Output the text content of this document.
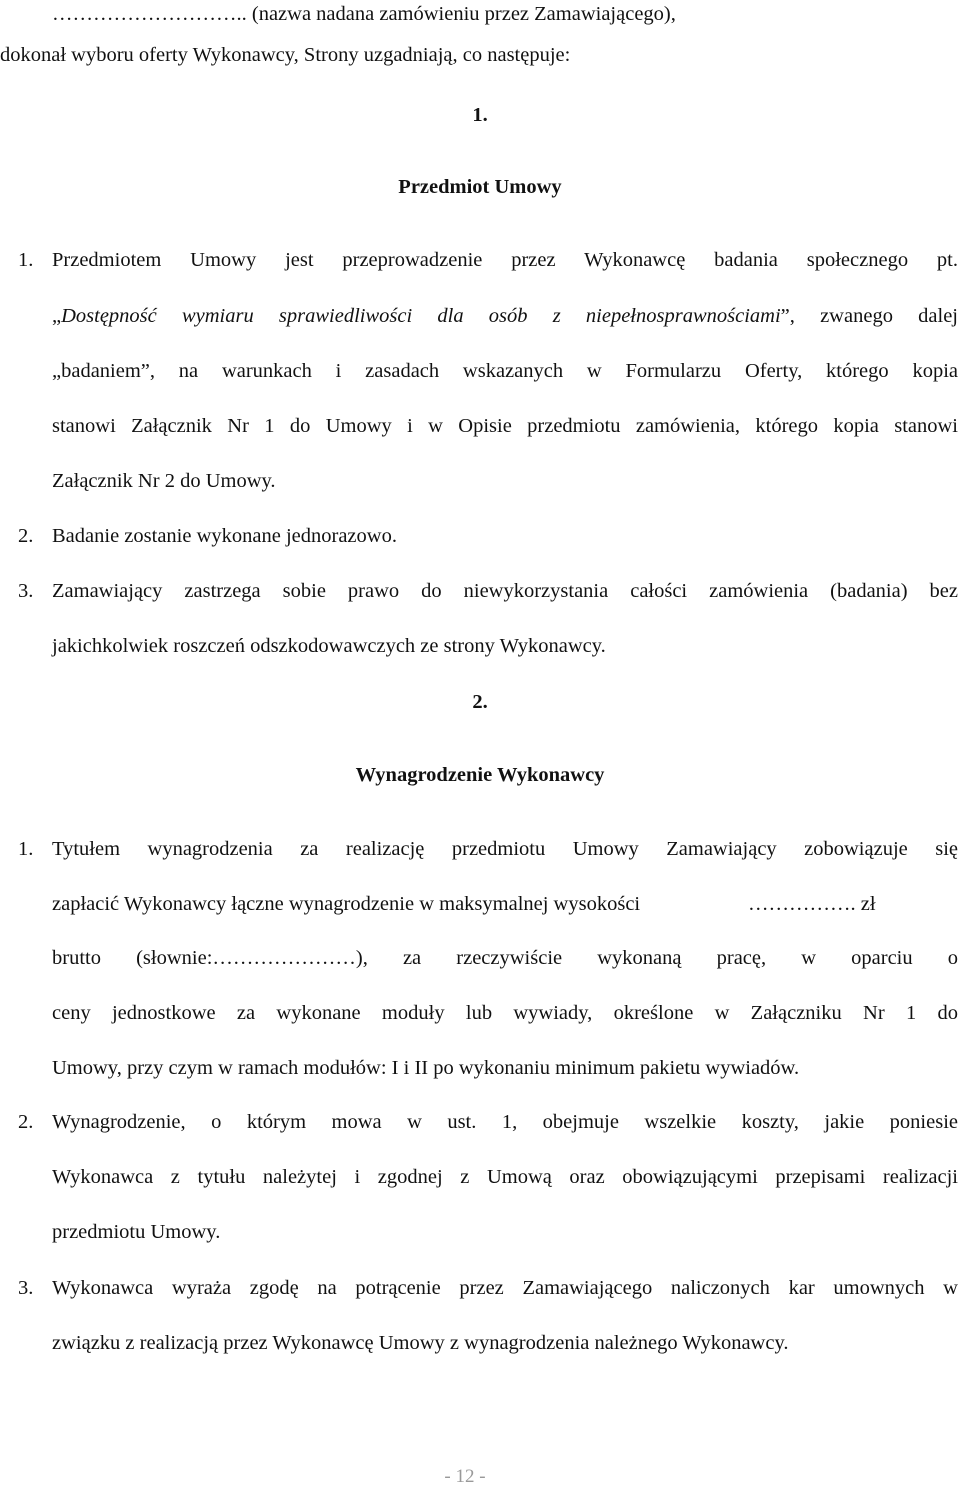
……………………….. (nazwa nadana zamówieniu przez Zamawiającego),
dokonał wyboru oferty Wykonawcy, Strony uzgadniają, co następuje:
1.
Przedmiot Umowy
1. Przedmiotem Umowy jest przeprowadzenie przez Wykonawcę badania społecznego pt.
„Dostępność wymiaru sprawiedliwości dla osób z niepełnosprawnościami”, zwanego dalej
„badaniem”, na warunkach i zasadach wskazanych w Formularzu Oferty, którego kopia
stanowi Załącznik Nr 1 do Umowy i w Opisie przedmiotu zamówienia, którego kopia stanowi
Załącznik Nr 2 do Umowy.
2. Badanie zostanie wykonane jednorazowo.
3. Zamawiający zastrzega sobie prawo do niewykorzystania całości zamówienia (badania) bez
jakichkolwiek roszczeń odszkodowawczych ze strony Wykonawcy.
2.
Wynagrodzenie Wykonawcy
1. Tytułem wynagrodzenia za realizację przedmiotu Umowy Zamawiający zobowiązuje się
zapłacić Wykonawcy łączne wynagrodzenie w maksymalnej wysokości	……………. zł
brutto (słownie:…………………), za rzeczywiście wykonaną pracę, w oparciu o
ceny jednostkowe za wykonane moduły lub wywiady, określone w Załączniku Nr 1 do
Umowy, przy czym w ramach modułów: I i II po wykonaniu minimum pakietu wywiadów.
2. Wynagrodzenie, o którym mowa w ust. 1, obejmuje wszelkie koszty, jakie poniesie
Wykonawca z tytułu należytej i zgodnej z Umową oraz obowiązującymi przepisami realizacji
przedmiotu Umowy.
3. Wykonawca wyraża zgodę na potrącenie przez Zamawiającego naliczonych kar umownych w
związku z realizacją przez Wykonawcę Umowy z wynagrodzenia należnego Wykonawcy.
- 12 -
